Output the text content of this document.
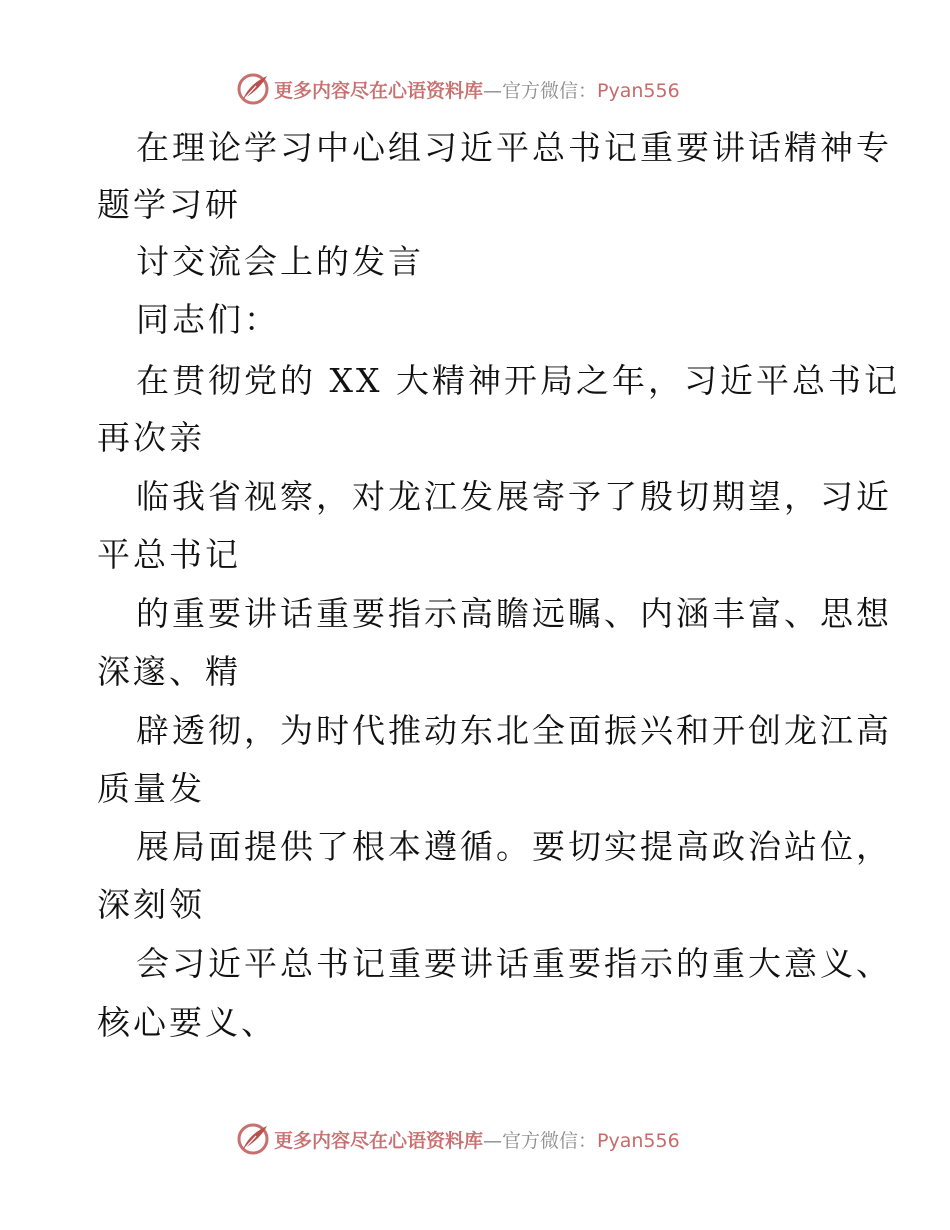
更多内容尽在心语资料库—官方微信：Pyan556
在理论学习中心组习近平总书记重要讲话精神专
题学习研
讨交流会上的发言
同志们：
在贯彻党的 XX 大精神开局之年，习近平总书记
再次亲
临我省视察，对龙江发展寄予了殷切期望，习近
平总书记
的重要讲话重要指示高瞻远瞩、内涵丰富、思想
深邃、精
辟透彻，为时代推动东北全面振兴和开创龙江高
质量发
展局面提供了根本遵循。要切实提高政治站位，
深刻领
会习近平总书记重要讲话重要指示的重大意义、
核心要义、
更多内容尽在心语资料库—官方微信：Pyan556
